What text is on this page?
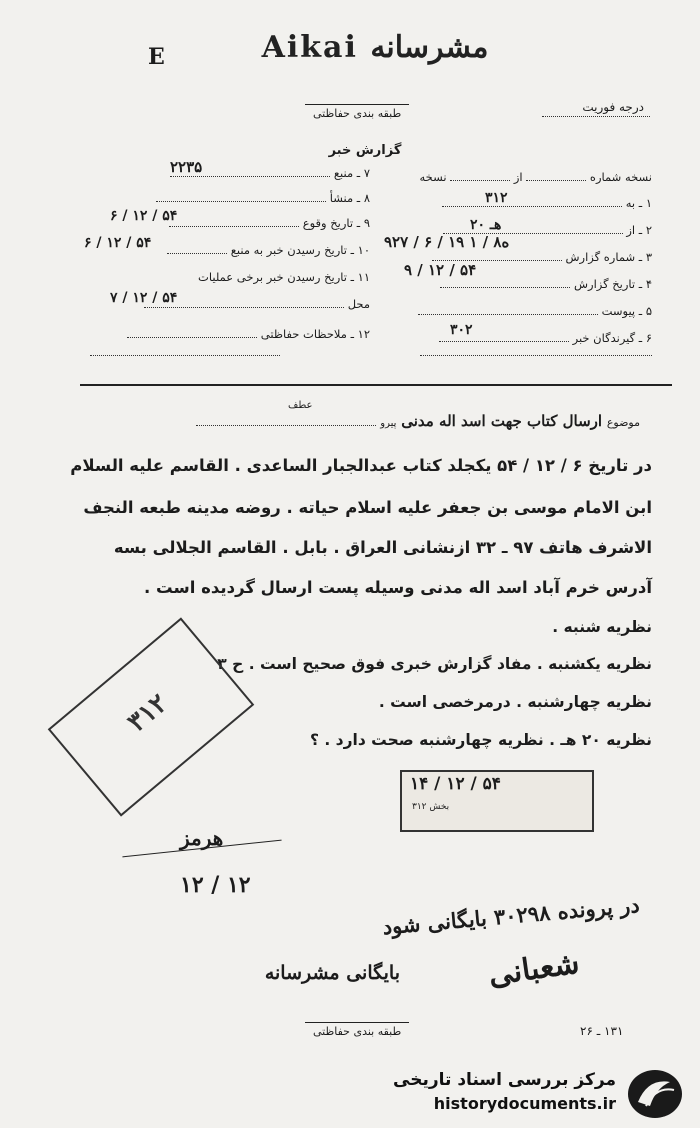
E	Aikai مشرسانه
درجه فوریت
طبقه بندی حفاظتی
گزارش خبر
نسخه شماره  از  نسخه
۱ ـ به
۳۱۲
۲ ـ از
۲۰ هـ
۳ ـ شماره گزارش
۹۲۷ / ۶ / ۱۹ ۱ / ۸ه
۴ ـ تاریخ گزارش
۹ / ۱۲ / ۵۴
۵ ـ پیوست
۶ ـ گیرندگان خبر
۳۰۲
۷ ـ منبع
۲۲۳۵
۸ ـ منشأ
۹ ـ تاریخ وقوع
۶ / ۱۲ / ۵۴
۱۰ ـ تاریخ رسیدن خبر به منبع
۶ / ۱۲ / ۵۴
۱۱ ـ تاریخ رسیدن خبر برخی عملیات
محل
۷ / ۱۲ / ۵۴
۱۲ ـ ملاحظات حفاظتی
عطف
موضوع ارسال کتاب جهت اسد اله مدنی پیرو
در تاریخ ۶ / ۱۲ / ۵۴ یکجلد کتاب عبدالجبار الساعدی . القاسم علیه السلام
ابن الامام موسی بن جعفر علیه اسلام حیاته . روضه مدینه طبعه النجف
الاشرف هاتف ۹۷ ـ ۳۲ ازنشانی العراق . بابل . القاسم الجلالی بسه
آدرس خرم آباد اسد اله مدنی وسیله پست ارسال گردیده است .
نظریه شنبه .
نظریه یکشنبه . مفاد گزارش خبری فوق صحیح است . ح ۳
نظریه چهارشنبه . درمرخصی است .
نظریه ۲۰ هـ . نظریه چهارشنبه صحت دارد . ؟
۳۱۲
۱۴ / ۱۲ / ۵۴
بخش ۳۱۲
هرمز
۱۲ / ۱۲
در پرونده ۳۰۲۹۸ بایگانی شود
شعبانی
بایگانی مشرسانه
۱۳۱ ـ ۲۶
طبقه بندی حفاظتی
مرکز بررسی اسناد تاریخی
historydocuments.ir
